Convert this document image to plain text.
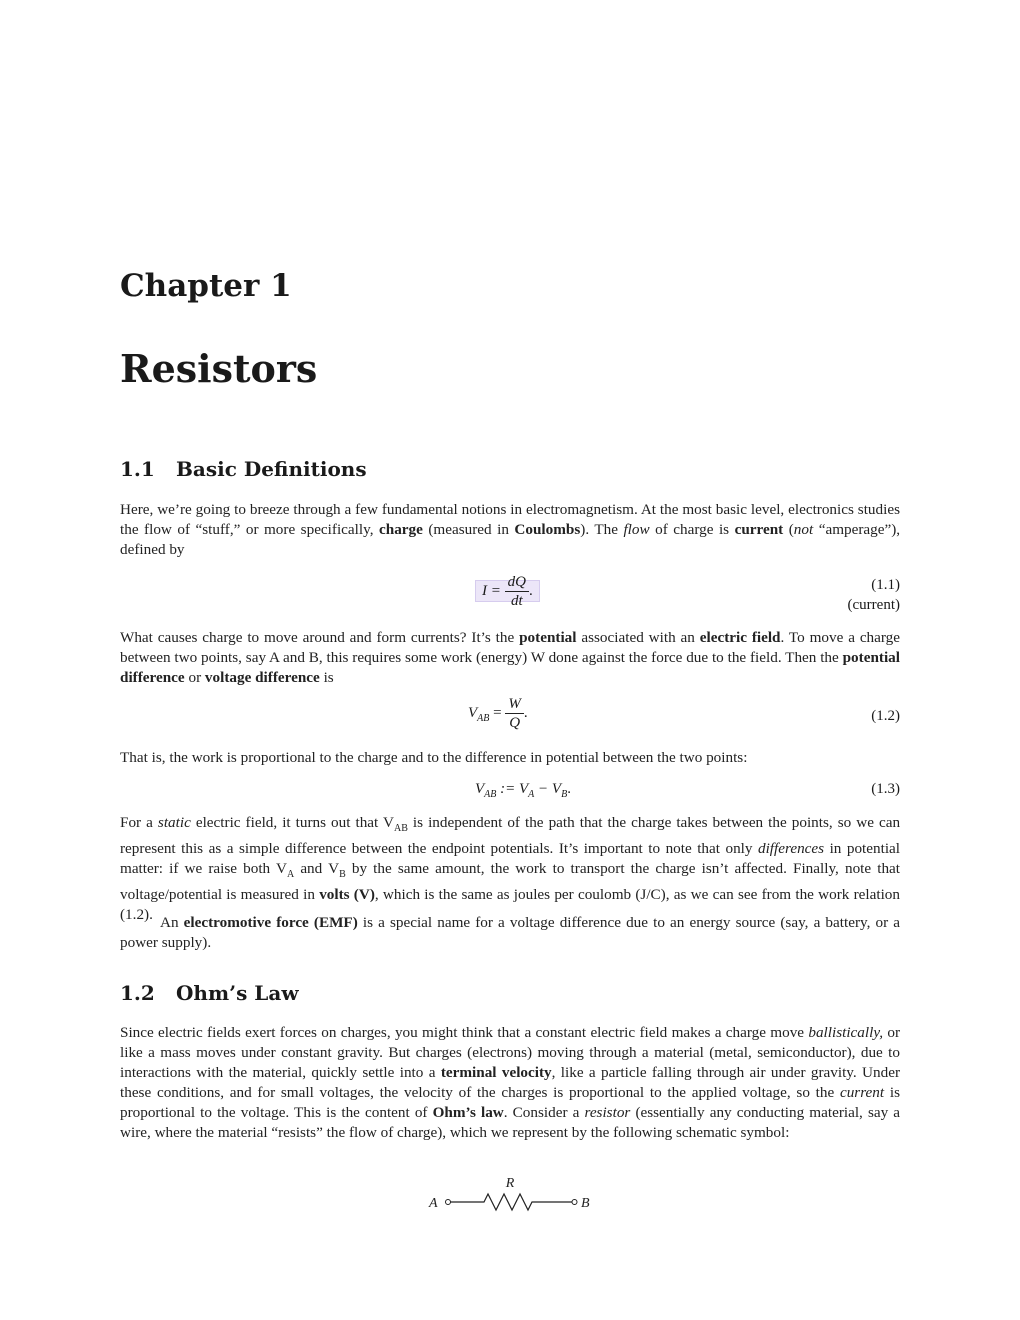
Chapter 1
Resistors
1.1 Basic Definitions
Here, we’re going to breeze through a few fundamental notions in electromagnetism. At the most basic level, electronics studies the flow of “stuff,” or more specifically, charge (measured in Coulombs). The flow of charge is current (not “amperage”), defined by
$I = \frac{dQ}{dt}$ .	(1.1)
(current)
What causes charge to move around and form currents? It’s the potential associated with an electric field. To move a charge between two points, say A and B, this requires some work (energy) W done against the force due to the field. Then the potential difference or voltage difference is
$V_{AB} = \frac{W}{Q}$ .	(1.2)
That is, the work is proportional to the charge and to the difference in potential between the two points:
$V_{AB}$ := $V_A - V_B$.	(1.3)
For a static electric field, it turns out that $V_{AB}$ is independent of the path that the charge takes between the points, so we can represent this as a simple difference between the endpoint potentials. It’s important to note that only differences in potential matter: if we raise both $V_A$ and $V_B$ by the same amount, the work to transport the charge isn’t affected. Finally, note that voltage/potential is measured in volts (V), which is the same as joules per coulomb (J/C), as we can see from the work relation (1.2). An electromotive force (EMF) is a special name for a voltage difference due to an energy source (say, a battery, or a power supply).
1.2 Ohm’s Law
Since electric fields exert forces on charges, you might think that a constant electric field makes a charge move ballistically, or like a mass moves under constant gravity. But charges (electrons) moving through a material (metal, semiconductor), due to interactions with the material, quickly settle into a terminal velocity, like a particle falling through air under gravity. Under these conditions, and for small voltages, the velocity of the charges is proportional to the applied voltage, so the current is proportional to the voltage. This is the content of Ohm’s law. Consider a resistor (essentially any conducting material, say a wire, where the material “resists” the flow of charge), which we represent by the following schematic symbol:
R
A	B
